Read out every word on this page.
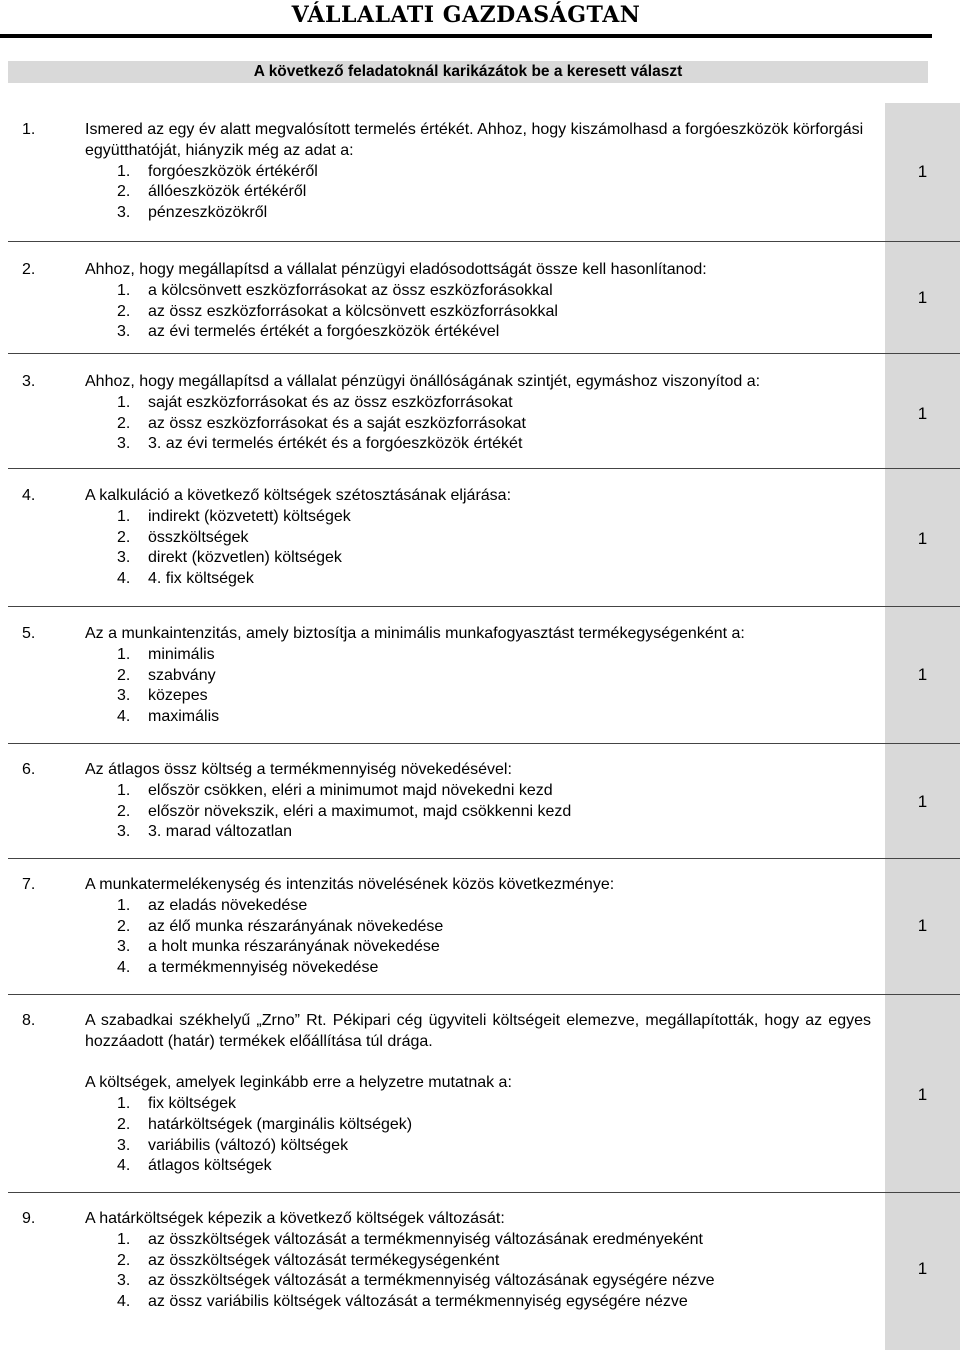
VÁLLALATI GAZDASÁGTAN
A következő feladatoknál karikázátok be a keresett választ
1.	Ismered az egy év alatt megvalósított termelés értékét. Ahhoz, hogy kiszámolhasd a forgóeszközök körforgási együtthatóját, hiányzik még az adat a:
1. forgóeszközök értékéről
2. állóeszközök értékéről
3. pénzeszközökről
1
2.	Ahhoz, hogy megállapítsd a vállalat pénzügyi eladósodottságát össze kell hasonlítanod:
1. a kölcsönvett eszközforrásokat az össz eszközforásokkal
2. az össz eszközforrásokat a kölcsönvett eszközforrásokkal
3. az évi termelés értékét a forgóeszközök értékével
1
3.	Ahhoz, hogy megállapítsd a vállalat pénzügyi önállóságának szintjét, egymáshoz viszonyítod a:
1. saját eszközforrásokat és az össz eszközforrásokat
2. az össz eszközforrásokat és a saját eszközforrásokat
3. 3. az évi termelés értékét és a forgóeszközök értékét
1
4.	A kalkuláció a következő költségek szétosztásának eljárása:
1. indirekt (közvetett) költségek
2. összköltségek
3. direkt (közvetlen) költségek
4. 4. fix költségek
1
5.	Az a munkaintenzitás, amely biztosítja a minimális munkafogyasztást termékegységenként a:
1. minimális
2. szabvány
3. közepes
4. maximális
1
6.	Az átlagos össz költség a termékmennyiség növekedésével:
1. először csökken, eléri a minimumot majd növekedni kezd
2. először növekszik, eléri a maximumot, majd csökkenni kezd
3. 3. marad változatlan
1
7.	A munkatermelékenység és intenzitás növelésének közös következménye:
1. az eladás növekedése
2. az élő munka részarányának növekedése
3. a holt munka részarányának növekedése
4. a termékmennyiség növekedése
1
8.	A szabadkai székhelyű „Zrno” Rt. Pékipari cég ügyviteli költségeit elemezve, megállapították, hogy az egyes hozzáadott (határ) termékek előállítása túl drága.
A költségek, amelyek leginkább erre a helyzetre mutatnak a:
1. fix költségek
2. határköltségek (marginális költségek)
3. variábilis (változó) költségek
4. átlagos költségek
1
9.	A határköltségek képezik a következő költségek változását:
1. az összköltségek változását a termékmennyiség változásának eredményeként
2. az összköltségek változását termékegységenként
3. az összköltségek változását a termékmennyiség változásának egységére nézve
4. az össz variábilis költségek változását a termékmennyiség egységére nézve
1
